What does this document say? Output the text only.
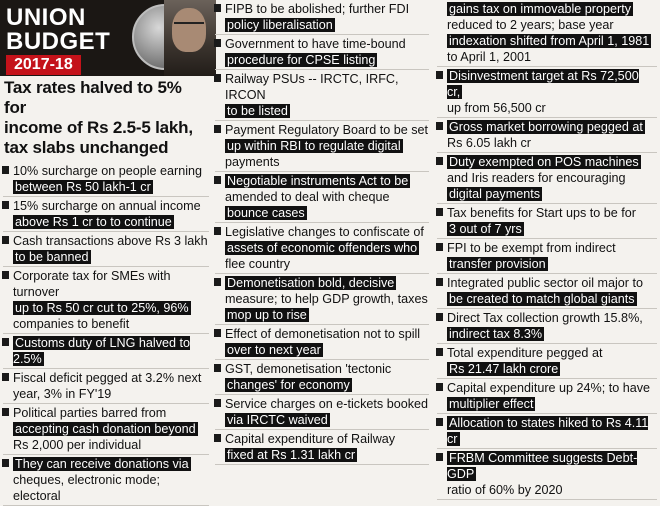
UNION
BUDGET
2017-18
Tax rates halved to 5% for
income of Rs 2.5-5 lakh,
tax slabs unchanged
10% surcharge on people earning
between Rs 50 lakh-1 cr
15% surcharge on annual income
above Rs 1 cr to to continue
Cash transactions above Rs 3 lakh
to be banned
Corporate tax for SMEs with turnover
up to Rs 50 cr cut to 25%, 96%
companies to benefit
Customs duty of LNG halved to 2.5%
Fiscal deficit pegged at 3.2% next
year, 3% in FY'19
Political parties barred from
accepting cash donation beyond
Rs 2,000 per individual
They can receive donations via
cheques, electronic mode; electoral
FIPB to be abolished; further FDI
policy liberalisation
Government to have time-bound
procedure for CPSE listing
Railway PSUs -- IRCTC, IRFC, IRCON
to be listed
Payment Regulatory Board to be set
up within RBI to regulate digital
payments
Negotiable instruments Act to be
amended to deal with cheque
bounce cases
Legislative changes to confiscate of
assets of economic offenders who
flee country
Demonetisation bold, decisive
measure; to help GDP growth, taxes
mop up to rise
Effect of demonetisation not to spill
over to next year
GST, demonetisation 'tectonic
changes' for economy
Service charges on e-tickets booked
via IRCTC waived
Capital expenditure of Railway
fixed at Rs 1.31 lakh cr
gains tax on immovable property
reduced to 2 years; base year
indexation shifted from April 1, 1981
to April 1, 2001
Disinvestment target at Rs 72,500 cr,
up from 56,500 cr
Gross market borrowing pegged at
Rs 6.05 lakh cr
Duty exempted on POS machines
and Iris readers for encouraging
digital payments
Tax benefits for Start ups to be for
3 out of 7 yrs
FPI to be exempt from indirect
transfer provision
Integrated public sector oil major to
be created to match global giants
Direct Tax collection growth 15.8%,
indirect tax 8.3%
Total expenditure pegged at
Rs 21.47 lakh crore
Capital expenditure up 24%; to have
multiplier effect
Allocation to states hiked to Rs 4.11 cr
FRBM Committee suggests Debt-GDP
ratio of 60% by 2020
